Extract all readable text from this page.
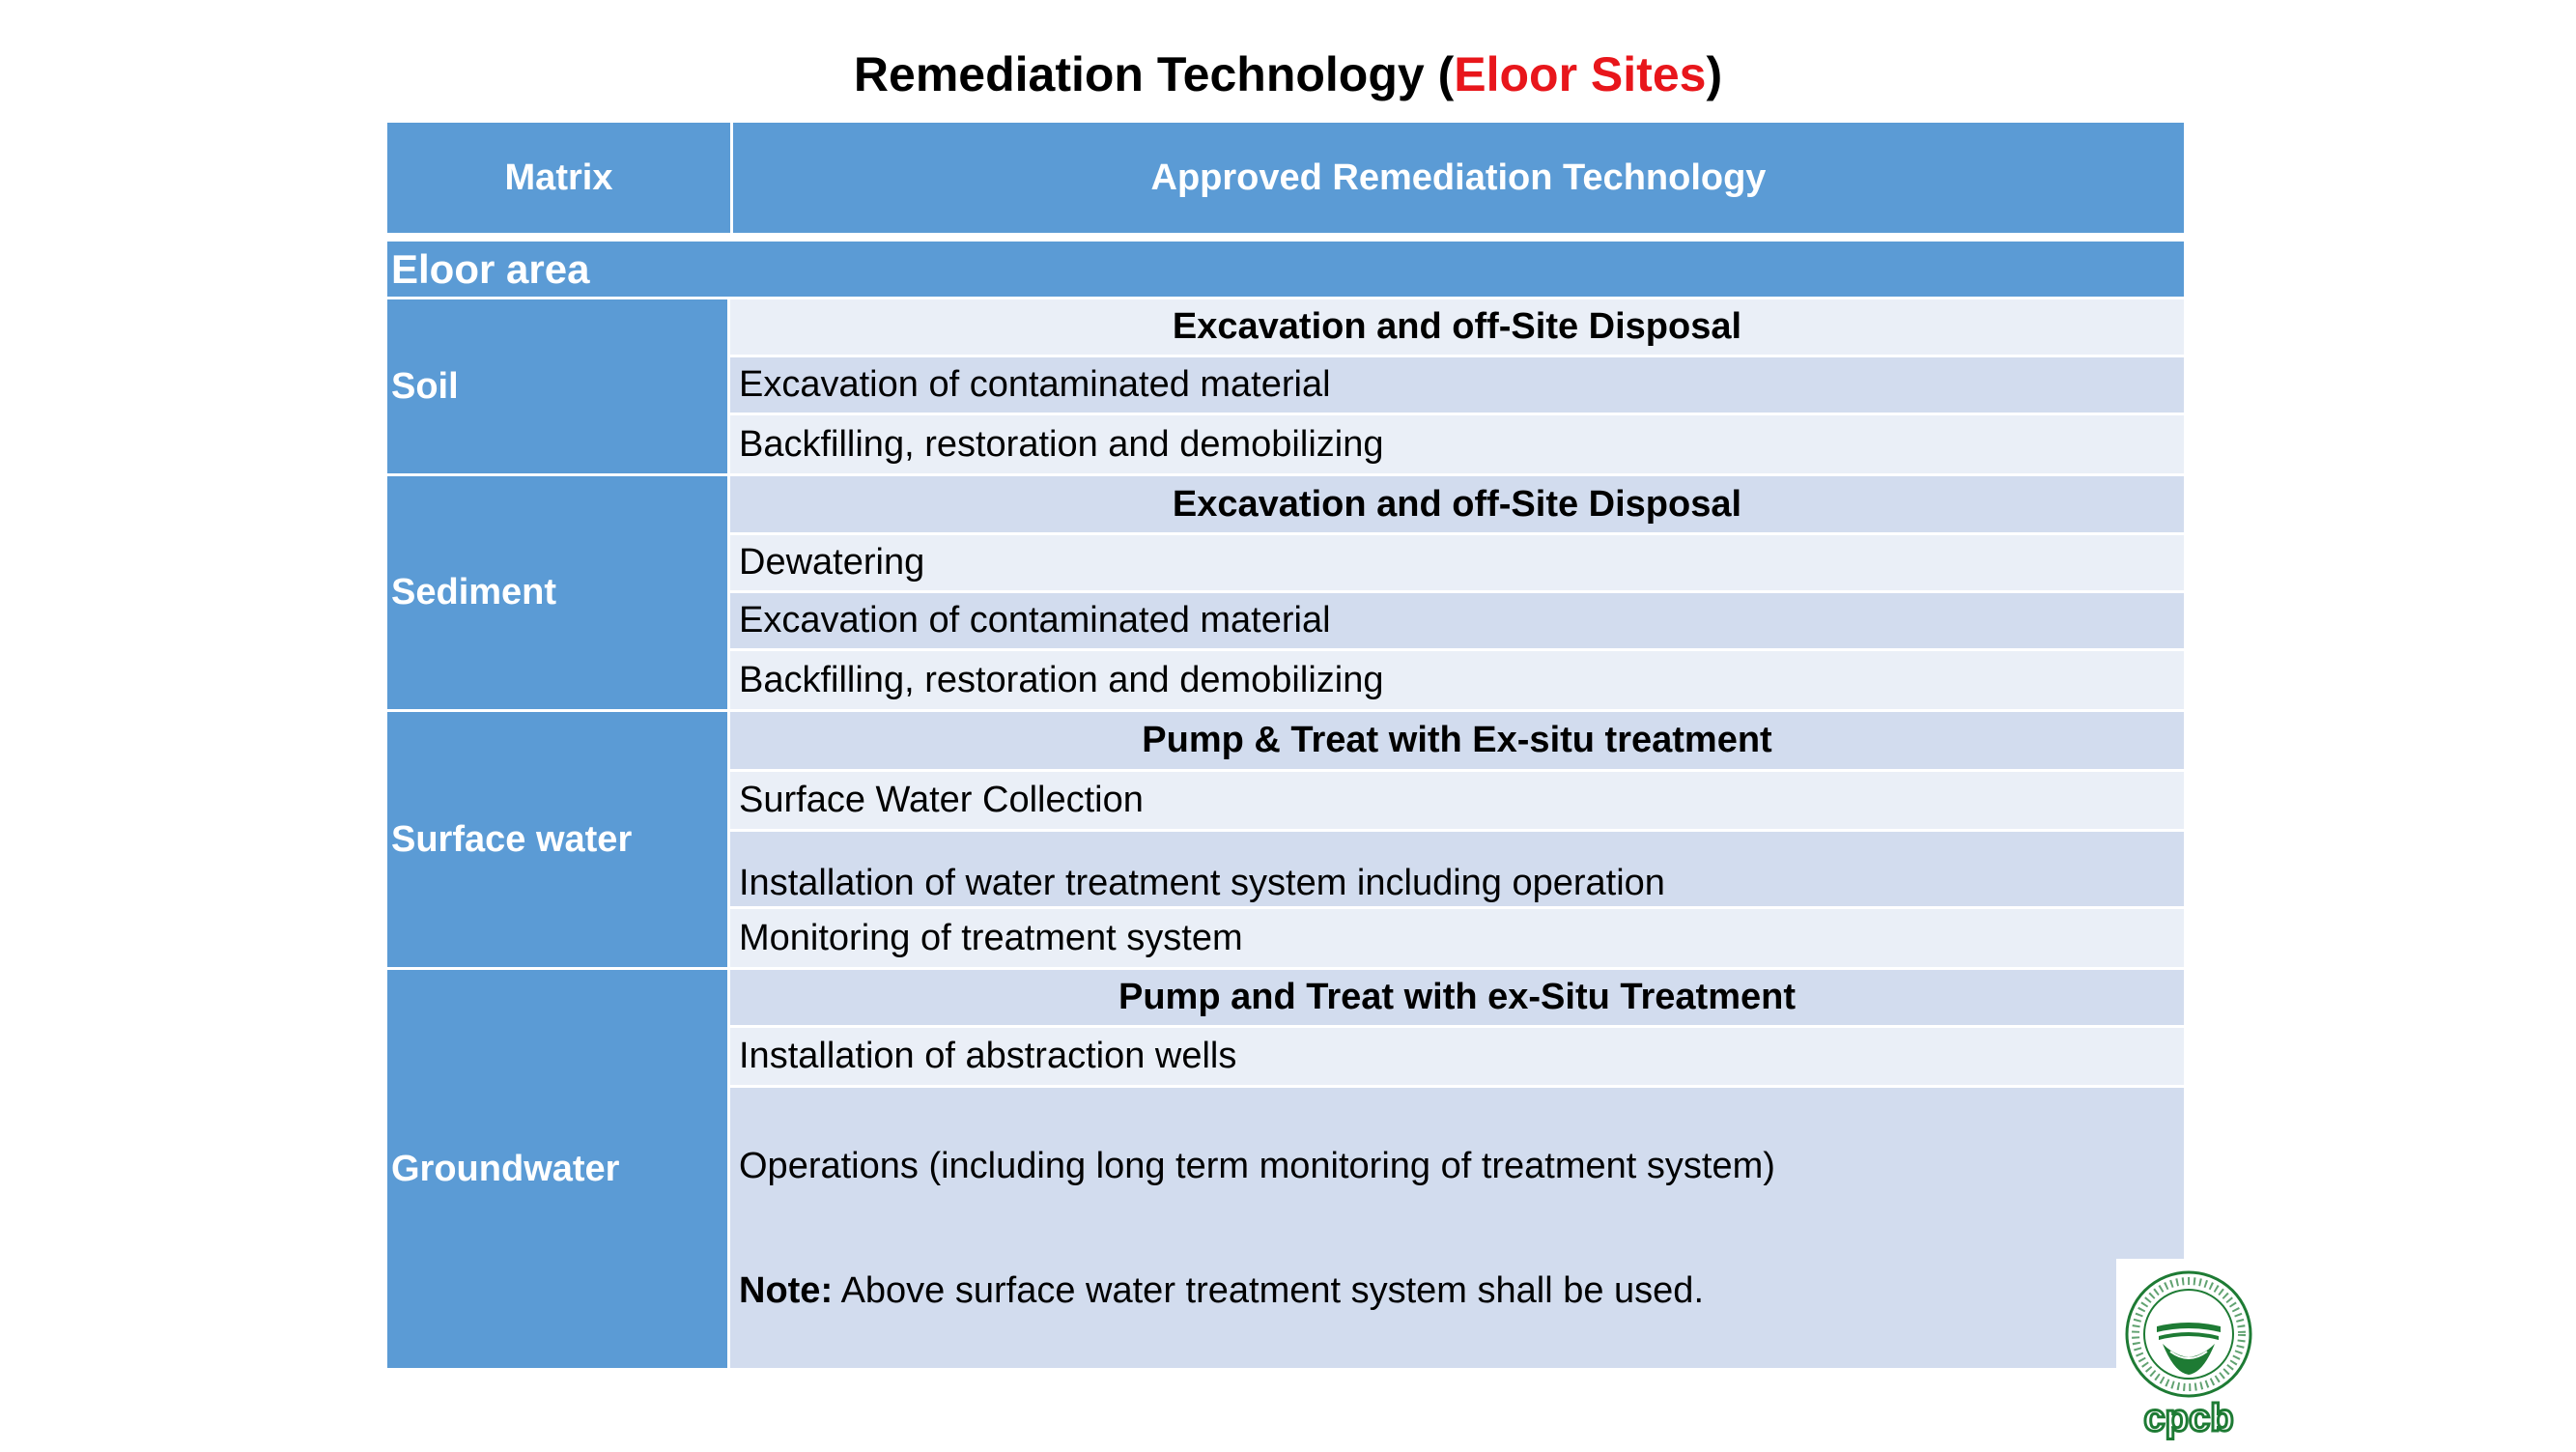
Remediation Technology (Eloor Sites)
Matrix	Approved Remediation Technology
Eloor area
Soil
Excavation and off-Site Disposal
Excavation of contaminated material
Backfilling, restoration and demobilizing
Sediment
Excavation and off-Site Disposal
Dewatering
Excavation of contaminated material
Backfilling, restoration and demobilizing
Surface water
Pump & Treat with Ex-situ treatment
Surface Water Collection
Installation of water treatment system including operation
Monitoring of treatment system
Groundwater
Pump and Treat with ex-Situ Treatment
Installation of abstraction wells
Operations (including long term monitoring of treatment system)
Note: Above surface water treatment system shall be used.
cpcb
